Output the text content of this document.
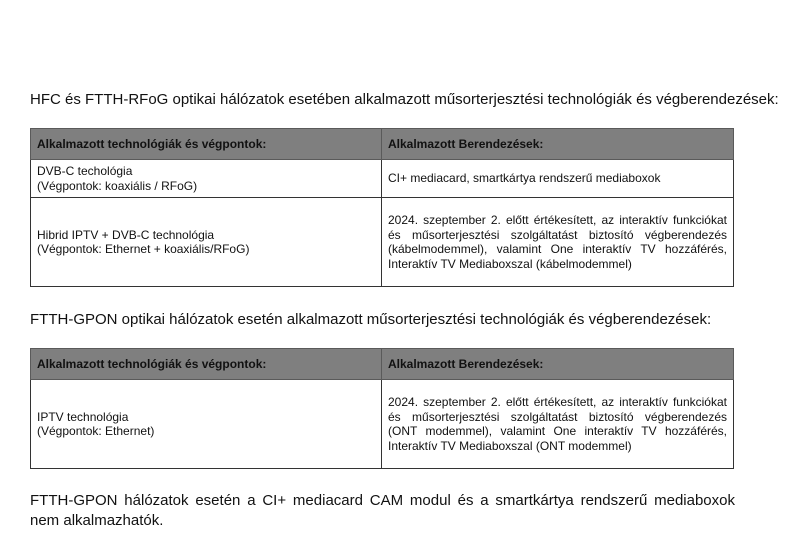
HFC és FTTH-RFoG optikai hálózatok esetében alkalmazott műsorterjesztési technológiák és végberendezések:
Alkalmazott technológiák és végpontok:	Alkalmazott Berendezések:

DVB-C techológia
(Végpontok: koaxiális / RFoG)	CI+ mediacard, smartkártya rendszerű mediaboxok

Hibrid IPTV + DVB-C technológia
(Végpontok: Ethernet + koaxiális/RFoG)	2024. szeptember 2. előtt értékesített, az interaktív funkciókat és műsorterjesztési szolgáltatást biztosító végberendezés (kábelmodemmel), valamint One interaktív TV hozzáférés, Interaktív TV Mediaboxszal (kábelmodemmel)
FTTH-GPON optikai hálózatok esetén alkalmazott műsorterjesztési technológiák és végberendezések:
Alkalmazott technológiák és végpontok:	Alkalmazott Berendezések:

IPTV technológia
(Végpontok: Ethernet)	2024. szeptember 2. előtt értékesített, az interaktív funkciókat és műsorterjesztési szolgáltatást biztosító végberendezés (ONT modemmel), valamint One interaktív TV hozzáférés, Interaktív TV Mediaboxszal (ONT modemmel)
FTTH-GPON hálózatok esetén a CI+ mediacard CAM modul és a smartkártya rendszerű mediaboxok nem alkalmazhatók.
